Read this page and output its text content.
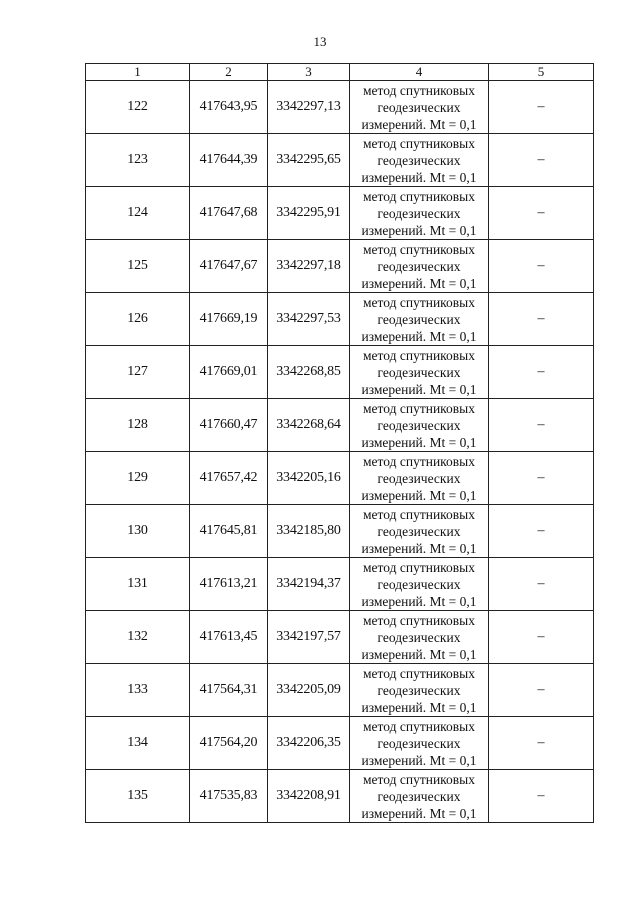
13
1	2	3	4	5
122	417643,95	3342297,13	метод спутниковых
геодезических
измерений. Mt = 0,1	–
123	417644,39	3342295,65	метод спутниковых
геодезических
измерений. Mt = 0,1	–
124	417647,68	3342295,91	метод спутниковых
геодезических
измерений. Mt = 0,1	–
125	417647,67	3342297,18	метод спутниковых
геодезических
измерений. Mt = 0,1	–
126	417669,19	3342297,53	метод спутниковых
геодезических
измерений. Mt = 0,1	–
127	417669,01	3342268,85	метод спутниковых
геодезических
измерений. Mt = 0,1	–
128	417660,47	3342268,64	метод спутниковых
геодезических
измерений. Mt = 0,1	–
129	417657,42	3342205,16	метод спутниковых
геодезических
измерений. Mt = 0,1	–
130	417645,81	3342185,80	метод спутниковых
геодезических
измерений. Mt = 0,1	–
131	417613,21	3342194,37	метод спутниковых
геодезических
измерений. Mt = 0,1	–
132	417613,45	3342197,57	метод спутниковых
геодезических
измерений. Mt = 0,1	–
133	417564,31	3342205,09	метод спутниковых
геодезических
измерений. Mt = 0,1	–
134	417564,20	3342206,35	метод спутниковых
геодезических
измерений. Mt = 0,1	–
135	417535,83	3342208,91	метод спутниковых
геодезических
измерений. Mt = 0,1	–
